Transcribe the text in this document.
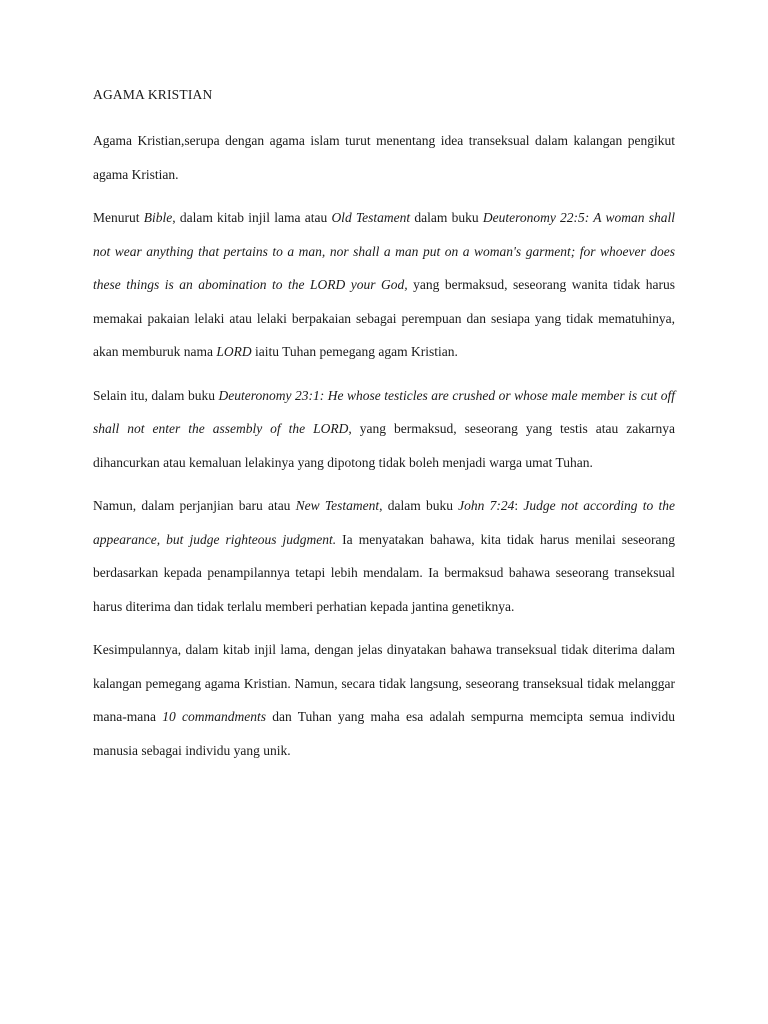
AGAMA KRISTIAN

Agama Kristian,serupa dengan agama islam turut menentang idea transeksual dalam kalangan pengikut agama Kristian.

Menurut Bible, dalam kitab injil lama atau Old Testament dalam buku Deuteronomy 22:5: A woman shall not wear anything that pertains to a man, nor shall a man put on a woman's garment; for whoever does these things is an abomination to the LORD your God, yang bermaksud, seseorang wanita tidak harus memakai pakaian lelaki atau lelaki berpakaian sebagai perempuan dan sesiapa yang tidak mematuhinya, akan memburuk nama LORD iaitu Tuhan pemegang agam Kristian.

Selain itu, dalam buku Deuteronomy 23:1: He whose testicles are crushed or whose male member is cut off shall not enter the assembly of the LORD, yang bermaksud, seseorang yang testis atau zakarnya dihancurkan atau kemaluan lelakinya yang dipotong tidak boleh menjadi warga umat Tuhan.

Namun, dalam perjanjian baru atau New Testament, dalam buku John 7:24: Judge not according to the appearance, but judge righteous judgment. Ia menyatakan bahawa, kita tidak harus menilai seseorang berdasarkan kepada penampilannya tetapi lebih mendalam. Ia bermaksud bahawa seseorang transeksual harus diterima dan tidak terlalu memberi perhatian kepada jantina genetiknya.

Kesimpulannya, dalam kitab injil lama, dengan jelas dinyatakan bahawa transeksual tidak diterima dalam kalangan pemegang agama Kristian. Namun, secara tidak langsung, seseorang transeksual tidak melanggar mana-mana 10 commandments dan Tuhan yang maha esa adalah sempurna memcipta semua individu manusia sebagai individu yang unik.
